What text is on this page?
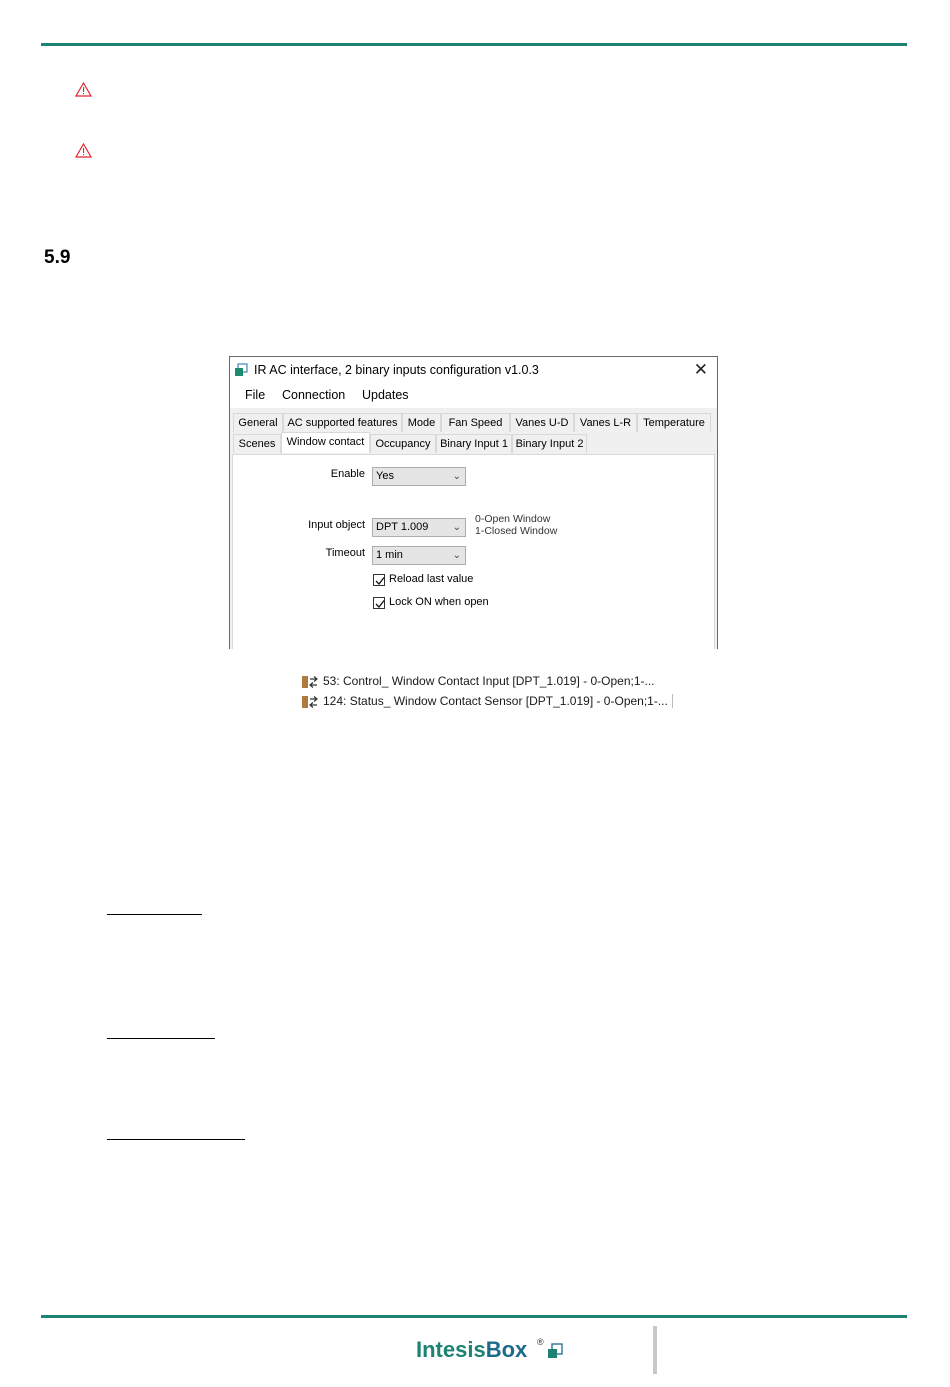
5.9
IR AC interface, 2 binary inputs configuration v1.0.3	✕
File Connection Updates
General AC supported features Mode	Fan Speed	Vanes U-D	Vanes L-R	Temperature
Scenes	Window contact	Occupancy Binary Input 1 Binary Input 2
Enable	Yes	⌄
Input object	DPT 1.009 ⌄
0-Open Window
1-Closed Window
Timeout	1 min	⌄
Reload last value
Lock ON when open
53: Control_ Window Contact Input [DPT_1.019] - 0-Open;1-...
124: Status_ Window Contact Sensor [DPT_1.019] - 0-Open;1-...
IntesisBox ®
